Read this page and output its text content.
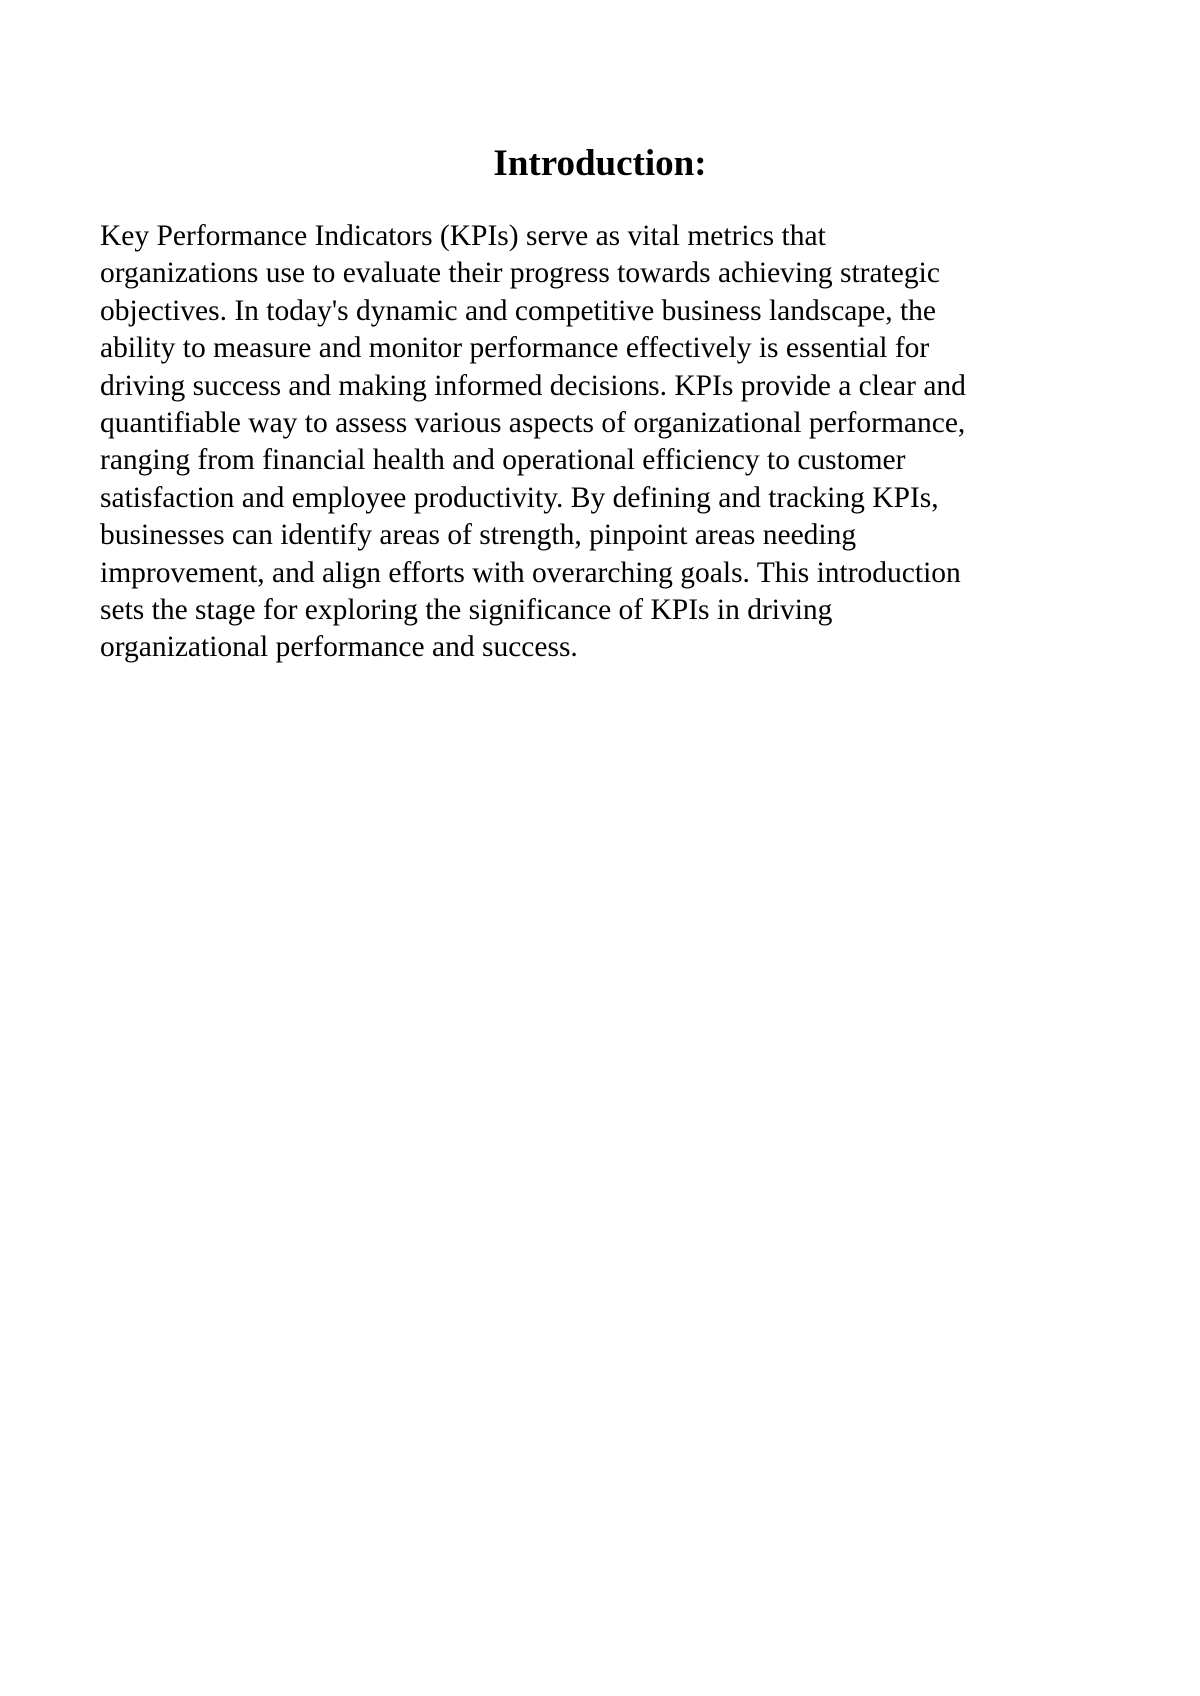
Introduction:

Key Performance Indicators (KPIs) serve as vital metrics that
organizations use to evaluate their progress towards achieving strategic
objectives. In today's dynamic and competitive business landscape, the
ability to measure and monitor performance effectively is essential for
driving success and making informed decisions. KPIs provide a clear and
quantifiable way to assess various aspects of organizational performance,
ranging from financial health and operational efficiency to customer
satisfaction and employee productivity. By defining and tracking KPIs,
businesses can identify areas of strength, pinpoint areas needing
improvement, and align efforts with overarching goals. This introduction
sets the stage for exploring the significance of KPIs in driving
organizational performance and success.
